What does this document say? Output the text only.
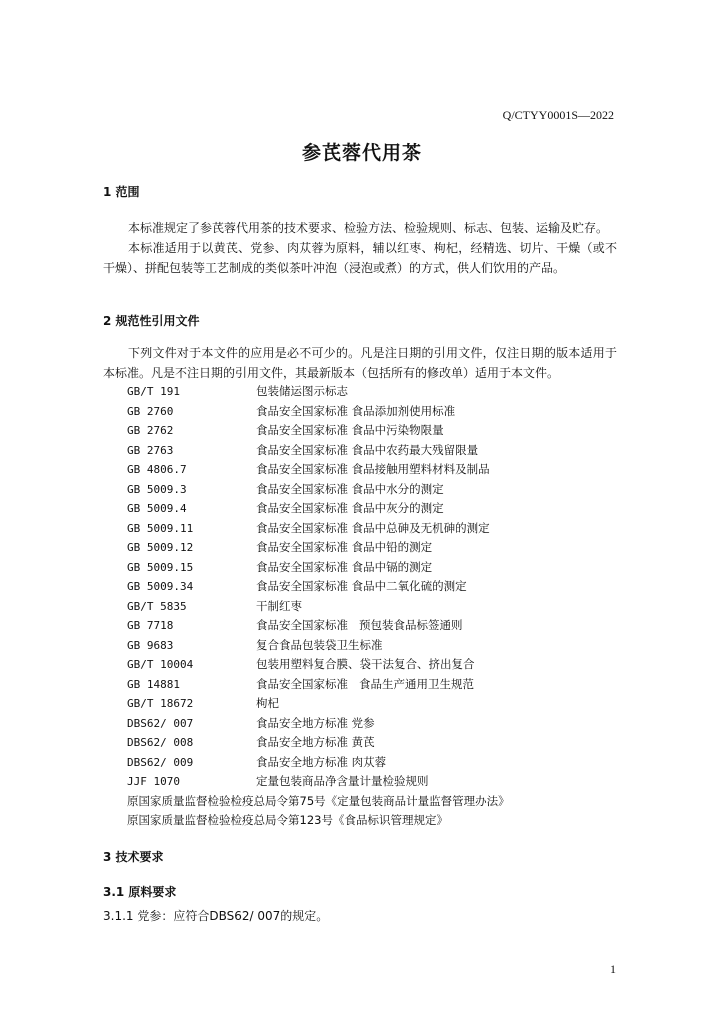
Q/CTYY0001S—2022
参芪蓉代用茶
1 范围

本标准规定了参芪蓉代用茶的技术要求、检验方法、检验规则、标志、包装、运输及贮存。

本标准适用于以黄芪、党参、肉苁蓉为原料，辅以红枣、枸杞，经精选、切片、干燥（或不干燥）、拼配包装等工艺制成的类似茶叶冲泡（浸泡或煮）的方式，供人们饮用的产品。

2 规范性引用文件

下列文件对于本文件的应用是必不可少的。凡是注日期的引用文件，仅注日期的版本适用于本标准。凡是不注日期的引用文件，其最新版本（包括所有的修改单）适用于本文件。

GB/T 191	包装储运图示标志
GB 2760	食品安全国家标准 食品添加剂使用标准
GB 2762	食品安全国家标准 食品中污染物限量
GB 2763	食品安全国家标准 食品中农药最大残留限量
GB 4806.7	食品安全国家标准 食品接触用塑料材料及制品
GB 5009.3	食品安全国家标准 食品中水分的测定
GB 5009.4	食品安全国家标准 食品中灰分的测定
GB 5009.11	食品安全国家标准 食品中总砷及无机砷的测定
GB 5009.12	食品安全国家标准 食品中铅的测定
GB 5009.15	食品安全国家标准 食品中镉的测定
GB 5009.34	食品安全国家标准 食品中二氧化硫的测定
GB/T 5835	干制红枣
GB 7718	食品安全国家标准   预包装食品标签通则
GB 9683	复合食品包装袋卫生标准
GB/T 10004	包装用塑料复合膜、袋干法复合、挤出复合
GB 14881	食品安全国家标准   食品生产通用卫生规范
GB/T 18672	枸杞
DBS62/ 007	食品安全地方标准 党参
DBS62/ 008	食品安全地方标准 黄芪
DBS62/ 009	食品安全地方标准 肉苁蓉
JJF 1070	定量包装商品净含量计量检验规则
原国家质量监督检验检疫总局令第75号《定量包装商品计量监督管理办法》
原国家质量监督检验检疫总局令第123号《食品标识管理规定》
3 技术要求
3.1 原料要求
3.1.1 党参：应符合DBS62/ 007的规定。
1
